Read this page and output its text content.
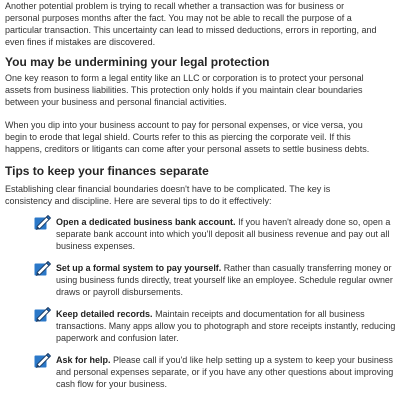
Another potential problem is trying to recall whether a transaction was for business or
personal purposes months after the fact. You may not be able to recall the purpose of a
particular transaction. This uncertainty can lead to missed deductions, errors in reporting, and
even fines if mistakes are discovered.
You may be undermining your legal protection
One key reason to form a legal entity like an LLC or corporation is to protect your personal
assets from business liabilities. This protection only holds if you maintain clear boundaries
between your business and personal financial activities.
When you dip into your business account to pay for personal expenses, or vice versa, you
begin to erode that legal shield. Courts refer to this as piercing the corporate veil. If this
happens, creditors or litigants can come after your personal assets to settle business debts.
Tips to keep your finances separate
Establishing clear financial boundaries doesn't have to be complicated. The key is
consistency and discipline. Here are several tips to do it effectively:
Open a dedicated business bank account. If you haven't already done so, open a
separate bank account into which you'll deposit all business revenue and pay out all
business expenses.
Set up a formal system to pay yourself. Rather than casually transferring money or
using business funds directly, treat yourself like an employee. Schedule regular owner
draws or payroll disbursements.
Keep detailed records. Maintain receipts and documentation for all business
transactions. Many apps allow you to photograph and store receipts instantly, reducing
paperwork and confusion later.
Ask for help. Please call if you'd like help setting up a system to keep your business
and personal expenses separate, or if you have any other questions about improving
cash flow for your business.
